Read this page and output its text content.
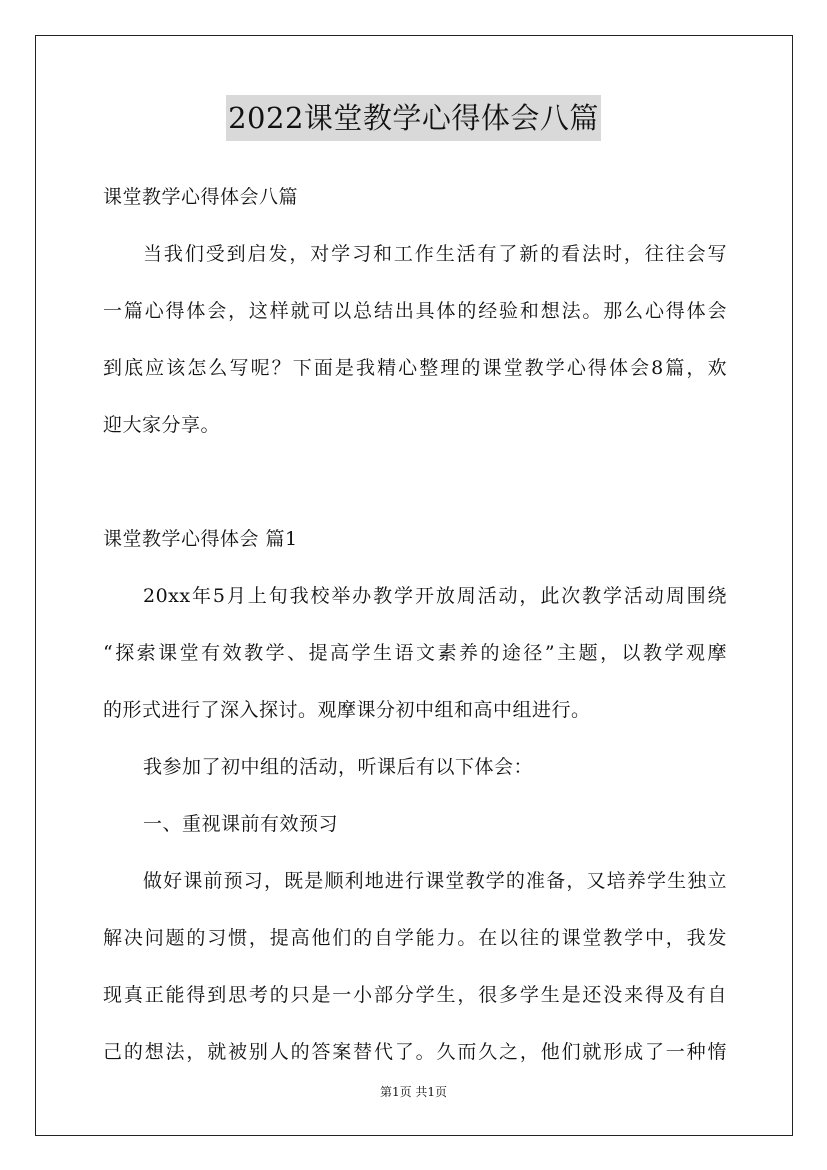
2022课堂教学心得体会八篇

课堂教学心得体会八篇

当我们受到启发，对学习和工作生活有了新的看法时，往往会写

一篇心得体会，这样就可以总结出具体的经验和想法。那么心得体会

到底应该怎么写呢？下面是我精心整理的课堂教学心得体会8篇，欢

迎大家分享。

课堂教学心得体会 篇1

20xx年5月上旬我校举办教学开放周活动，此次教学活动周围绕

“探索课堂有效教学、提高学生语文素养的途径”主题，以教学观摩

的形式进行了深入探讨。观摩课分初中组和高中组进行。

我参加了初中组的活动，听课后有以下体会：

一、重视课前有效预习

做好课前预习，既是顺利地进行课堂教学的准备，又培养学生独立

解决问题的习惯，提高他们的自学能力。在以往的课堂教学中，我发

现真正能得到思考的只是一小部分学生，很多学生是还没来得及有自

己的想法，就被别人的答案替代了。久而久之，他们就形成了一种惰

第1页 共1页
